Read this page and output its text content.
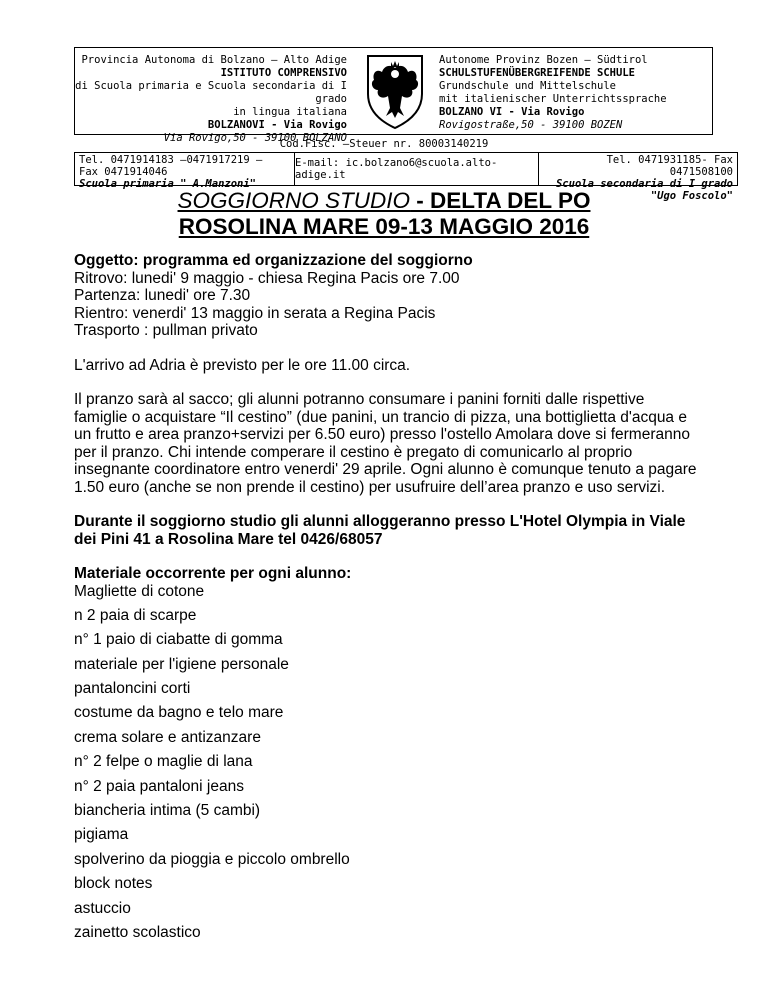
Provincia Autonoma di Bolzano – Alto Adige
ISTITUTO COMPRENSIVO
di Scuola primaria e Scuola secondaria di I grado
in lingua italiana
BOLZANOVI - Via Rovigo
Via Rovigo,50 - 39100 BOLZANO
Autonome Provinz Bozen – Südtirol
SCHULSTUFENÜBERGREIFENDE SCHULE
Grundschule und Mittelschule
mit italienischer Unterrichtssprache
BOLZANO VI - Via Rovigo
Rovigostraße,50 - 39100 BOZEN
Cod.Fisc. –Steuer nr. 80003140219
Tel. 0471914183 –0471917219 –
Fax 0471914046
Scuola primaria " A.Manzoni"
E-mail: ic.bolzano6@scuola.alto-adige.it
Tel. 0471931185- Fax 0471508100
Scuola secondaria di I grado
"Ugo Foscolo"
SOGGIORNO STUDIO - DELTA DEL PO
ROSOLINA MARE 09-13 MAGGIO 2016

Oggetto: programma ed organizzazione del soggiorno

Ritrovo: lunedi' 9 maggio - chiesa Regina Pacis ore 7.00

Partenza: lunedi' ore 7.30

Rientro: venerdi' 13 maggio in serata a Regina Pacis

Trasporto : pullman privato

L'arrivo ad Adria è previsto per le ore 11.00 circa.

Il pranzo sarà al sacco; gli alunni potranno consumare i panini forniti dalle rispettive

famiglie o acquistare “Il cestino” (due panini, un trancio di pizza, una bottiglietta d'acqua e

un frutto e area pranzo+servizi per 6.50 euro) presso l'ostello Amolara dove si fermeranno

per il pranzo. Chi intende comperare il cestino è pregato di comunicarlo al proprio

insegnante coordinatore entro venerdi' 29 aprile. Ogni alunno è comunque tenuto a pagare

1.50 euro (anche se non prende il cestino) per usufruire dell’area pranzo e uso servizi.

Durante il soggiorno studio gli alunni alloggeranno presso L'Hotel Olympia in Viale

dei Pini 41 a Rosolina Mare tel 0426/68057

Materiale occorrente per ogni alunno:

Magliette di cotone
n 2 paia di scarpe
n° 1 paio di ciabatte di gomma
materiale per l'igiene personale
pantaloncini corti
costume da bagno e telo mare
crema solare e antizanzare
n° 2 felpe o maglie di lana
n° 2 paia pantaloni jeans
biancheria intima (5 cambi)
pigiama
spolverino da pioggia e piccolo ombrello
block notes
astuccio
zainetto scolastico
